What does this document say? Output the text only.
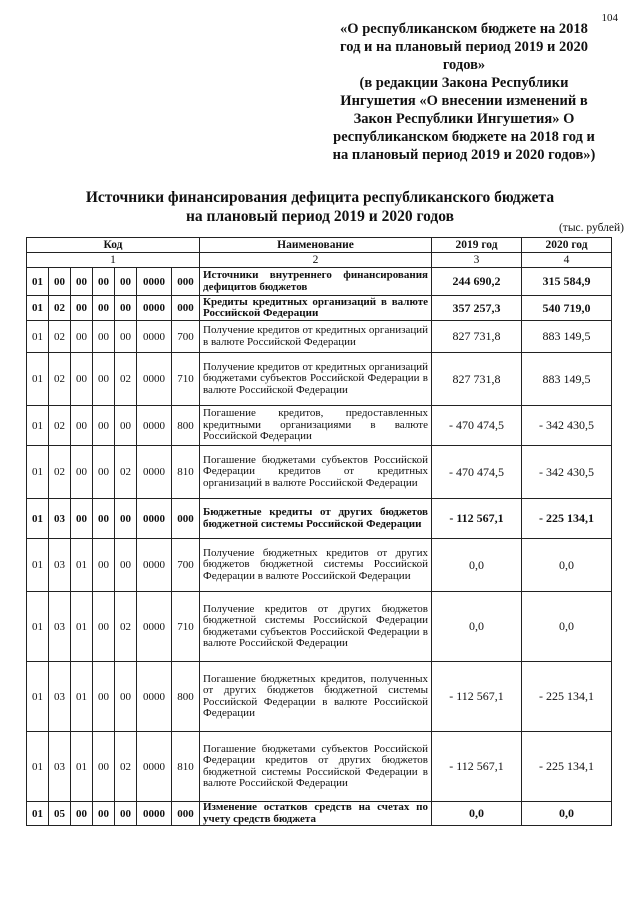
104
«О республиканском бюджете на 2018
год и на плановый период 2019 и 2020
годов»
(в редакции Закона Республики
Ингушетия «О внесении изменений в
Закон Республики Ингушетия» О
республиканском бюджете на 2018 год и
на плановый период 2019 и 2020 годов»)
Источники финансирования дефицита республиканского бюджета
на плановый период 2019 и 2020 годов
(тыс. рублей)
Код							Наименование	2019 год	2020 год
1							2	3	4
01	00	00	00	00	0000	000	Источники внутреннего финансирования дефицитов бюджетов	244 690,2	315 584,9
01	02	00	00	00	0000	000	Кредиты кредитных организаций в валюте Российской Федерации	357 257,3	540 719,0
01	02	00	00	00	0000	700	Получение кредитов от кредитных организаций в валюте Российской Федерации	827 731,8	883 149,5
01	02	00	00	02	0000	710	Получение кредитов от кредитных организаций бюджетами субъектов Российской Федерации в валюте Российской Федерации	827 731,8	883 149,5
01	02	00	00	00	0000	800	Погашение кредитов, предоставленных кредитными организациями в валюте Российской Федерации	- 470 474,5	- 342 430,5
01	02	00	00	02	0000	810	Погашение бюджетами субъектов Российской Федерации кредитов от кредитных организаций в валюте Российской Федерации	- 470 474,5	- 342 430,5
01	03	00	00	00	0000	000	Бюджетные кредиты от других бюджетов бюджетной системы Российской Федерации	- 112 567,1	- 225 134,1
01	03	01	00	00	0000	700	Получение бюджетных кредитов от других бюджетов бюджетной системы Российской Федерации в валюте Российской Федерации	0,0	0,0
01	03	01	00	02	0000	710	Получение кредитов от других бюджетов бюджетной системы Российской Федерации бюджетами субъектов Российской Федерации в валюте Российской Федерации	0,0	0,0
01	03	01	00	00	0000	800	Погашение бюджетных кредитов, полученных от других бюджетов бюджетной системы Российской Федерации в валюте Российской Федерации	- 112 567,1	- 225 134,1
01	03	01	00	02	0000	810	Погашение бюджетами субъектов Российской Федерации кредитов от других бюджетов бюджетной системы Российской Федерации в валюте Российской Федерации	- 112 567,1	- 225 134,1
01	05	00	00	00	0000	000	Изменение остатков средств на счетах по учету средств бюджета	0,0	0,0
